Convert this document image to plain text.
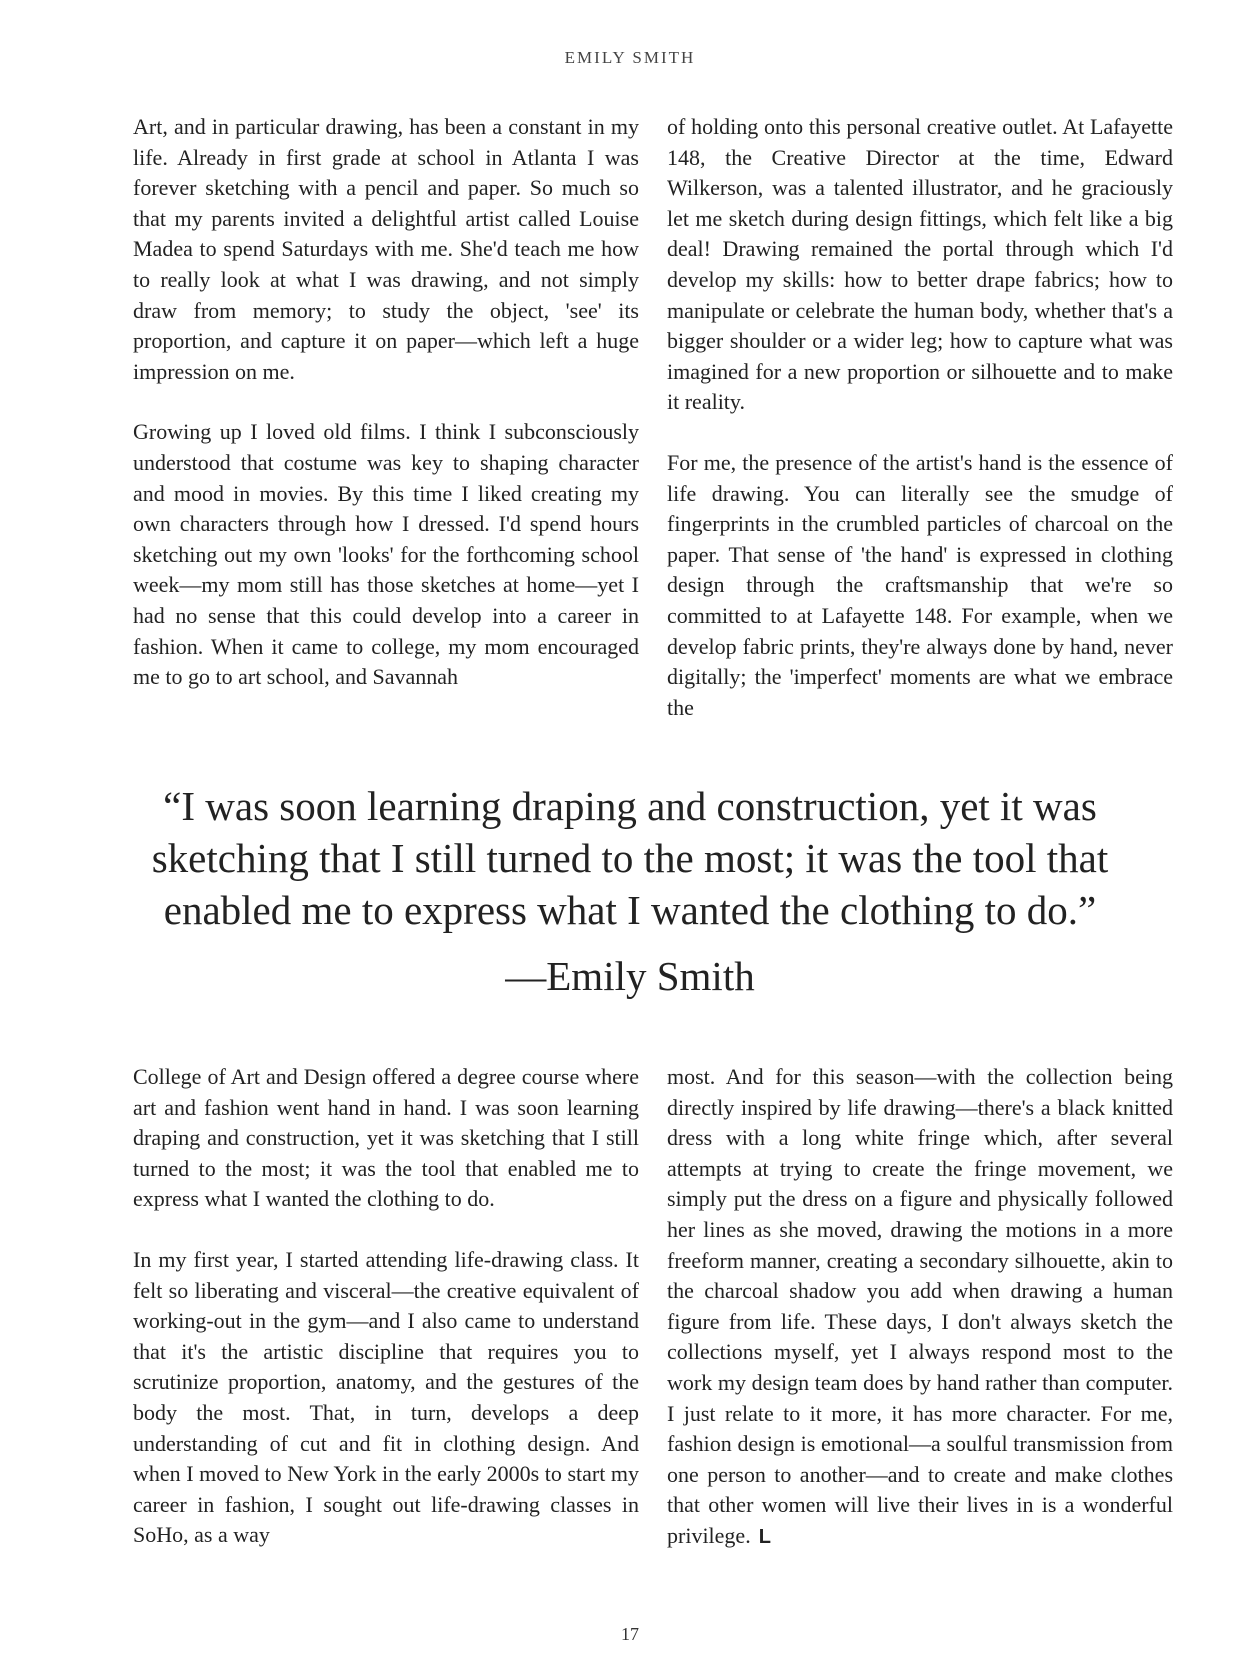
EMILY SMITH

Art, and in particular drawing, has been a constant in my life. Already in first grade at school in Atlanta I was forever sketching with a pencil and paper. So much so that my parents invited a delightful artist called Louise Madea to spend Saturdays with me. She'd teach me how to really look at what I was drawing, and not simply draw from memory; to study the object, 'see' its proportion, and capture it on paper—which left a huge impression on me.

Growing up I loved old films. I think I subconsciously understood that costume was key to shaping character and mood in movies. By this time I liked creating my own characters through how I dressed. I'd spend hours sketching out my own 'looks' for the forthcoming school week—my mom still has those sketches at home—yet I had no sense that this could develop into a career in fashion. When it came to college, my mom encouraged me to go to art school, and Savannah

of holding onto this personal creative outlet. At Lafayette 148, the Creative Director at the time, Edward Wilkerson, was a talented illustrator, and he graciously let me sketch during design fittings, which felt like a big deal! Drawing remained the portal through which I'd develop my skills: how to better drape fabrics; how to manipulate or celebrate the human body, whether that's a bigger shoulder or a wider leg; how to capture what was imagined for a new proportion or silhouette and to make it reality.

For me, the presence of the artist's hand is the essence of life drawing. You can literally see the smudge of fingerprints in the crumbled particles of charcoal on the paper. That sense of 'the hand' is expressed in clothing design through the craftsmanship that we're so committed to at Lafayette 148. For example, when we develop fabric prints, they're always done by hand, never digitally; the 'imperfect' moments are what we embrace the

“I was soon learning draping and construction, yet it was sketching that I still turned to the most; it was the tool that enabled me to express what I wanted the clothing to do.”
—Emily Smith

College of Art and Design offered a degree course where art and fashion went hand in hand. I was soon learning draping and construction, yet it was sketching that I still turned to the most; it was the tool that enabled me to express what I wanted the clothing to do.

In my first year, I started attending life-drawing class. It felt so liberating and visceral—the creative equivalent of working-out in the gym—and I also came to understand that it's the artistic discipline that requires you to scrutinize proportion, anatomy, and the gestures of the body the most. That, in turn, develops a deep understanding of cut and fit in clothing design. And when I moved to New York in the early 2000s to start my career in fashion, I sought out life-drawing classes in SoHo, as a way

most. And for this season—with the collection being directly inspired by life drawing—there's a black knitted dress with a long white fringe which, after several attempts at trying to create the fringe movement, we simply put the dress on a figure and physically followed her lines as she moved, drawing the motions in a more freeform manner, creating a secondary silhouette, akin to the charcoal shadow you add when drawing a human figure from life. These days, I don't always sketch the collections myself, yet I always respond most to the work my design team does by hand rather than computer. I just relate to it more, it has more character. For me, fashion design is emotional—a soulful transmission from one person to another—and to create and make clothes that other women will live their lives in is a wonderful privilege. L

17
